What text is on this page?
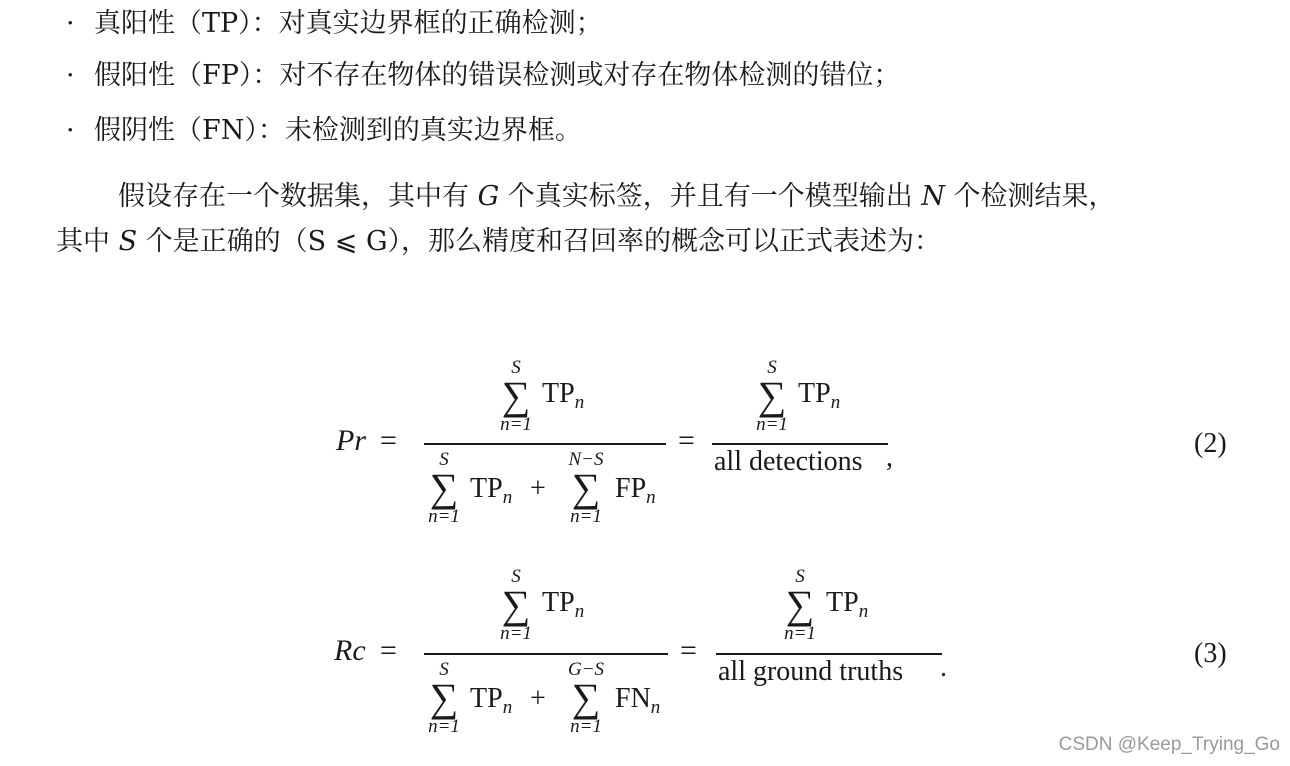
· 真阳性（TP）：对真实边界框的正确检测；
· 假阳性（FP）：对不存在物体的错误检测或对存在物体检测的错位；
· 假阴性（FN）：未检测到的真实边界框。
假设存在一个数据集，其中有 G 个真实标签，并且有一个模型输出 N 个检测结果，
其中 S 个是正确的（S ⩽ G），那么精度和召回率的概念可以正式表述为：
Pr =
S
∑
n=1
$TP_n$
S
∑
n=1
$TP_n$ +
N−S
∑
n=1
$FP_n$
=
S
∑
n=1
$TP_n$
all detections ,	(2)
Rc =
S
∑
n=1
$TP_n$
S
∑
n=1
$TP_n$ +
G−S
∑
n=1
$FN_n$
=
S
∑
n=1
$TP_n$
all ground truths .	(3)
CSDN @Keep_Trying_Go
